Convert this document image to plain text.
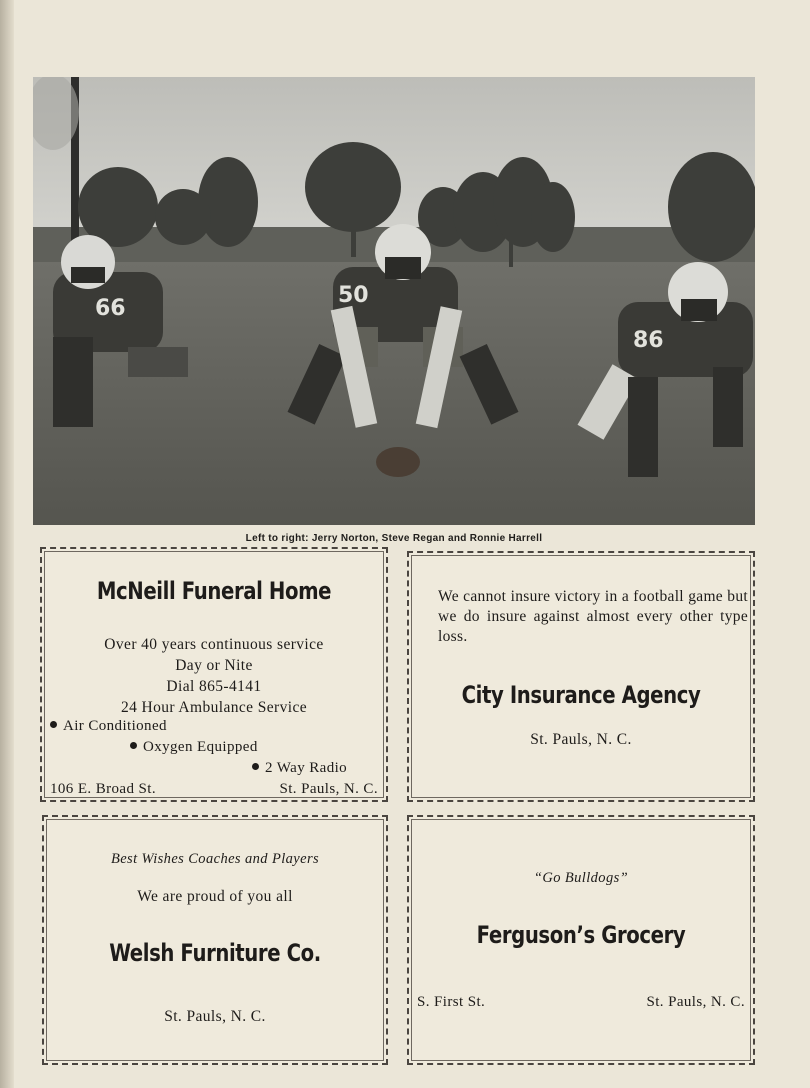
66
50
86
Left to right: Jerry Norton, Steve Regan and Ronnie Harrell
McNeill Funeral Home
Over 40 years continuous service
Day or Nite
Dial 865-4141
24 Hour Ambulance Service
Air Conditioned
Oxygen Equipped
2 Way Radio
106 E. Broad St.	St. Pauls, N. C.
We cannot insure victory in a football game but we do insure against almost every other type loss.
City Insurance Agency
St. Pauls, N. C.
Best Wishes Coaches and Players
We are proud of you all
Welsh Furniture Co.
St. Pauls, N. C.
“Go Bulldogs”
Ferguson’s Grocery
S. First St.	St. Pauls, N. C.
